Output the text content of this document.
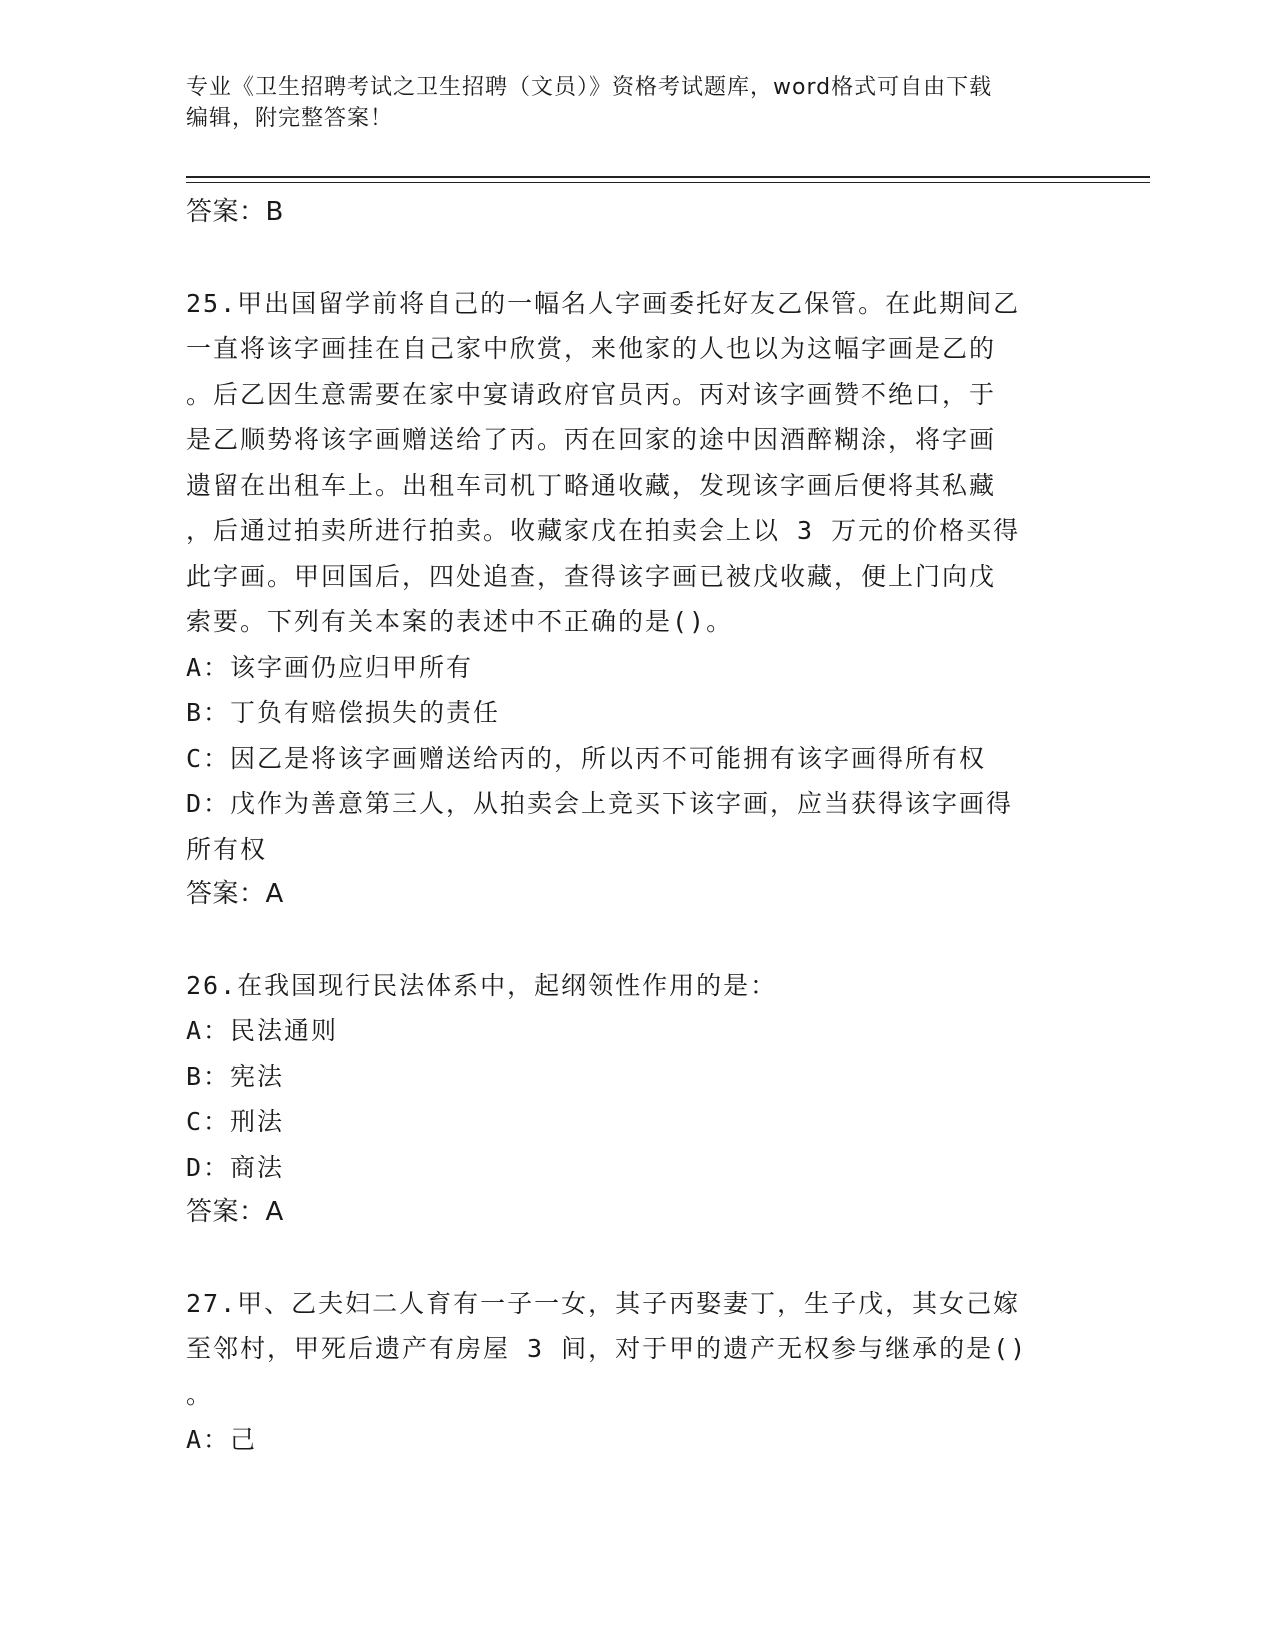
专业《卫生招聘考试之卫生招聘（文员）》资格考试题库，word格式可自由下载
编辑，附完整答案！
答案：B
25.甲出国留学前将自己的一幅名人字画委托好友乙保管。在此期间乙
一直将该字画挂在自己家中欣赏，来他家的人也以为这幅字画是乙的
。后乙因生意需要在家中宴请政府官员丙。丙对该字画赞不绝口，于
是乙顺势将该字画赠送给了丙。丙在回家的途中因酒醉糊涂，将字画
遗留在出租车上。出租车司机丁略通收藏，发现该字画后便将其私藏
，后通过拍卖所进行拍卖。收藏家戊在拍卖会上以 3 万元的价格买得
此字画。甲回国后，四处追查，查得该字画已被戊收藏，便上门向戊
索要。下列有关本案的表述中不正确的是()。
A：该字画仍应归甲所有
B：丁负有赔偿损失的责任
C：因乙是将该字画赠送给丙的，所以丙不可能拥有该字画得所有权
D：戊作为善意第三人，从拍卖会上竞买下该字画，应当获得该字画得
所有权
答案：A
26.在我国现行民法体系中，起纲领性作用的是：
A：民法通则
B：宪法
C：刑法
D：商法
答案：A
27.甲、乙夫妇二人育有一子一女，其子丙娶妻丁，生子戊，其女己嫁
至邻村，甲死后遗产有房屋 3 间，对于甲的遗产无权参与继承的是()
。
A：己
